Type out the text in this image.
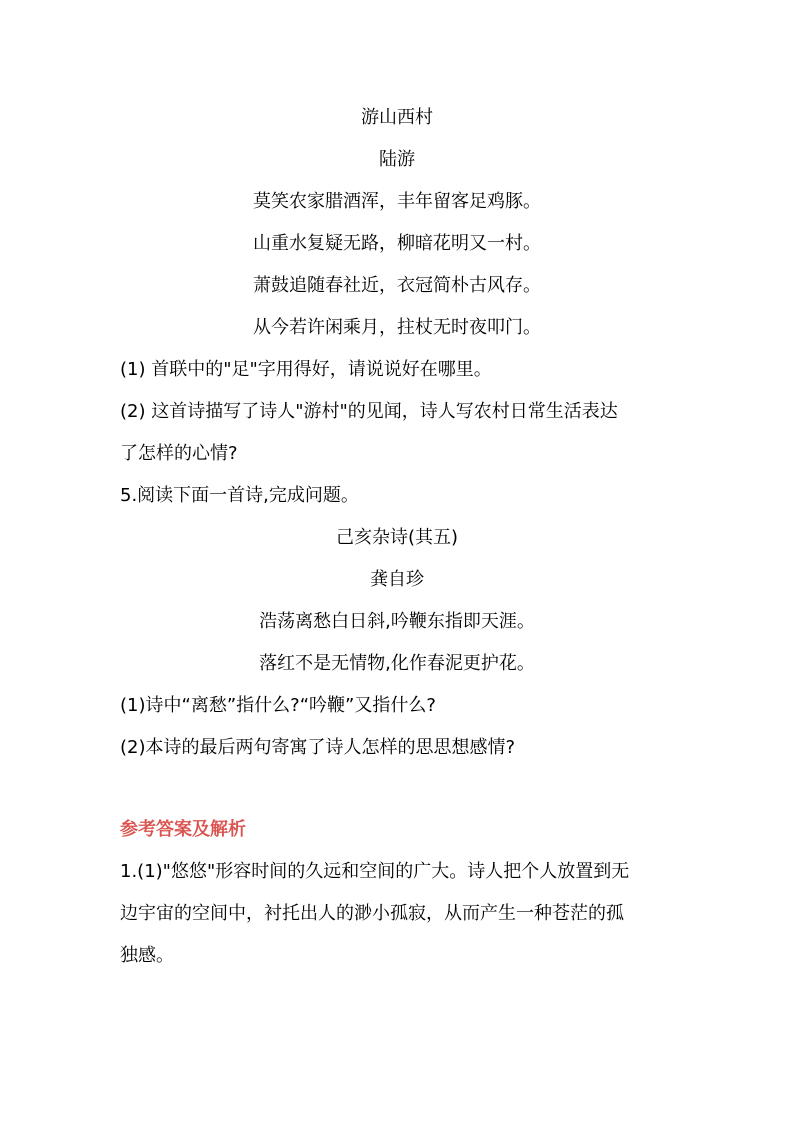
游山西村
陆游
莫笑农家腊酒浑，丰年留客足鸡豚。
山重水复疑无路，柳暗花明又一村。
萧鼓追随春社近，衣冠简朴古风存。
从今若许闲乘月，拄杖无时夜叩门。
(1) 首联中的"足"字用得好，请说说好在哪里。
(2) 这首诗描写了诗人"游村"的见闻，诗人写农村日常生活表达
了怎样的心情?
5.阅读下面一首诗,完成问题。
己亥杂诗(其五)
龚自珍
浩荡离愁白日斜,吟鞭东指即天涯。
落红不是无情物,化作春泥更护花。
(1)诗中“离愁”指什么?“吟鞭”又指什么?
(2)本诗的最后两句寄寓了诗人怎样的思思想感情?
参考答案及解析
1.(1)"悠悠"形容时间的久远和空间的广大。诗人把个人放置到无
边宇宙的空间中，衬托出人的渺小孤寂，从而产生一种苍茫的孤
独感。
